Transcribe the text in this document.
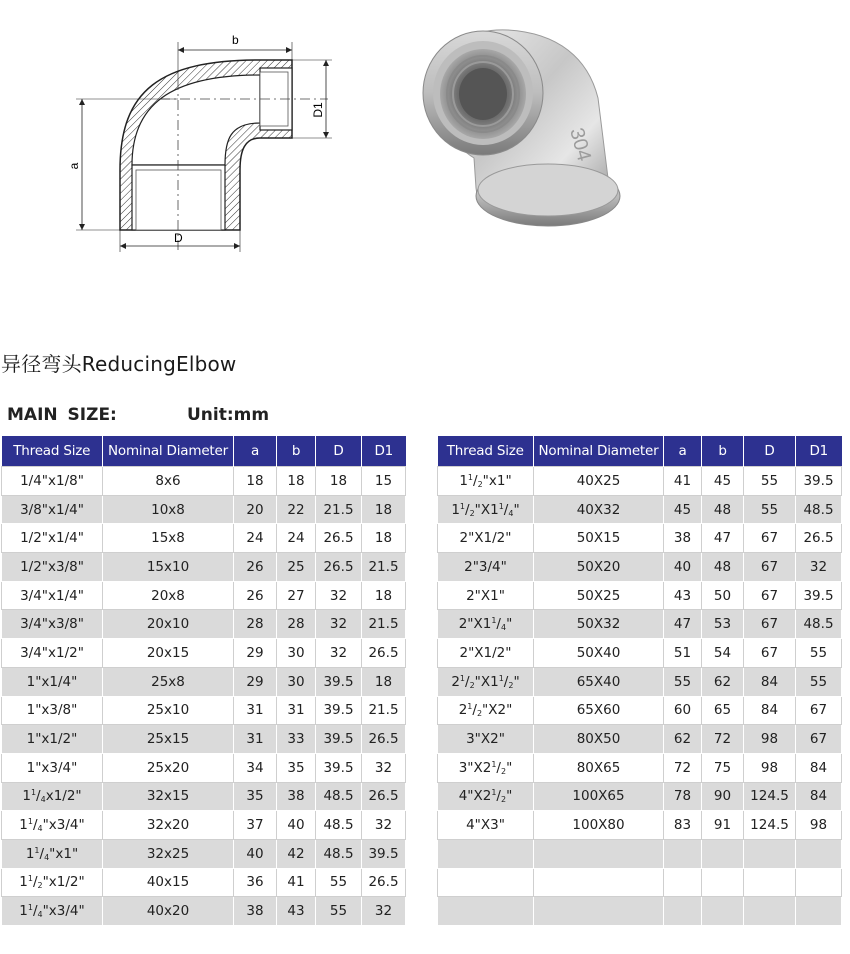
b
D1
a
D
304
异径弯头ReducingElbow
MAIN SIZE:	Unit:mm
Thread Size	Nominal Diameter	a	b	D	D1
1/4"x1/8"	8x6	18	18	18	15
3/8"x1/4"	10x8	20	22	21.5	18
1/2"x1/4"	15x8	24	24	26.5	18
1/2"x3/8"	15x10	26	25	26.5	21.5
3/4"x1/4"	20x8	26	27	32	18
3/4"x3/8"	20x10	28	28	32	21.5
3/4"x1/2"	20x15	29	30	32	26.5
1"x1/4"	25x8	29	30	39.5	18
1"x3/8"	25x10	31	31	39.5	21.5
1"x1/2"	25x15	31	33	39.5	26.5
1"x3/4"	25x20	34	35	39.5	32
$1^1/_4x1/2$"	32x15	35	38	48.5	26.5
$1^1/_4"x3/4$"	32x20	37	40	48.5	32
$1^1/_4"x1$"	32x25	40	42	48.5	39.5
$1^1/_2"x1/2$"	40x15	36	41	55	26.5
$1^1/_4"x3/4$"	40x20	38	43	55	32
Thread Size	Nominal Diameter	a	b	D	D1
$1^1/_2"x1$"	40X25	41	45	55	39.5
$1^1/_2"X1^1/_4$"	40X32	45	48	55	48.5
2"X1/2"	50X15	38	47	67	26.5
2"3/4"	50X20	40	48	67	32
2"X1"	50X25	43	50	67	39.5
$2"X1^1/_4$"	50X32	47	53	67	48.5
2"X1/2"	50X40	51	54	67	55
$2^1/_2"X1^1/_2$"	65X40	55	62	84	55
$2^1/_2"X2$"	65X60	60	65	84	67
3"X2"	80X50	62	72	98	67
$3"X2^1/_2$"	80X65	72	75	98	84
$4"X2^1/_2$"	100X65	78	90	124.5	84
4"X3"	100X80	83	91	124.5	98
